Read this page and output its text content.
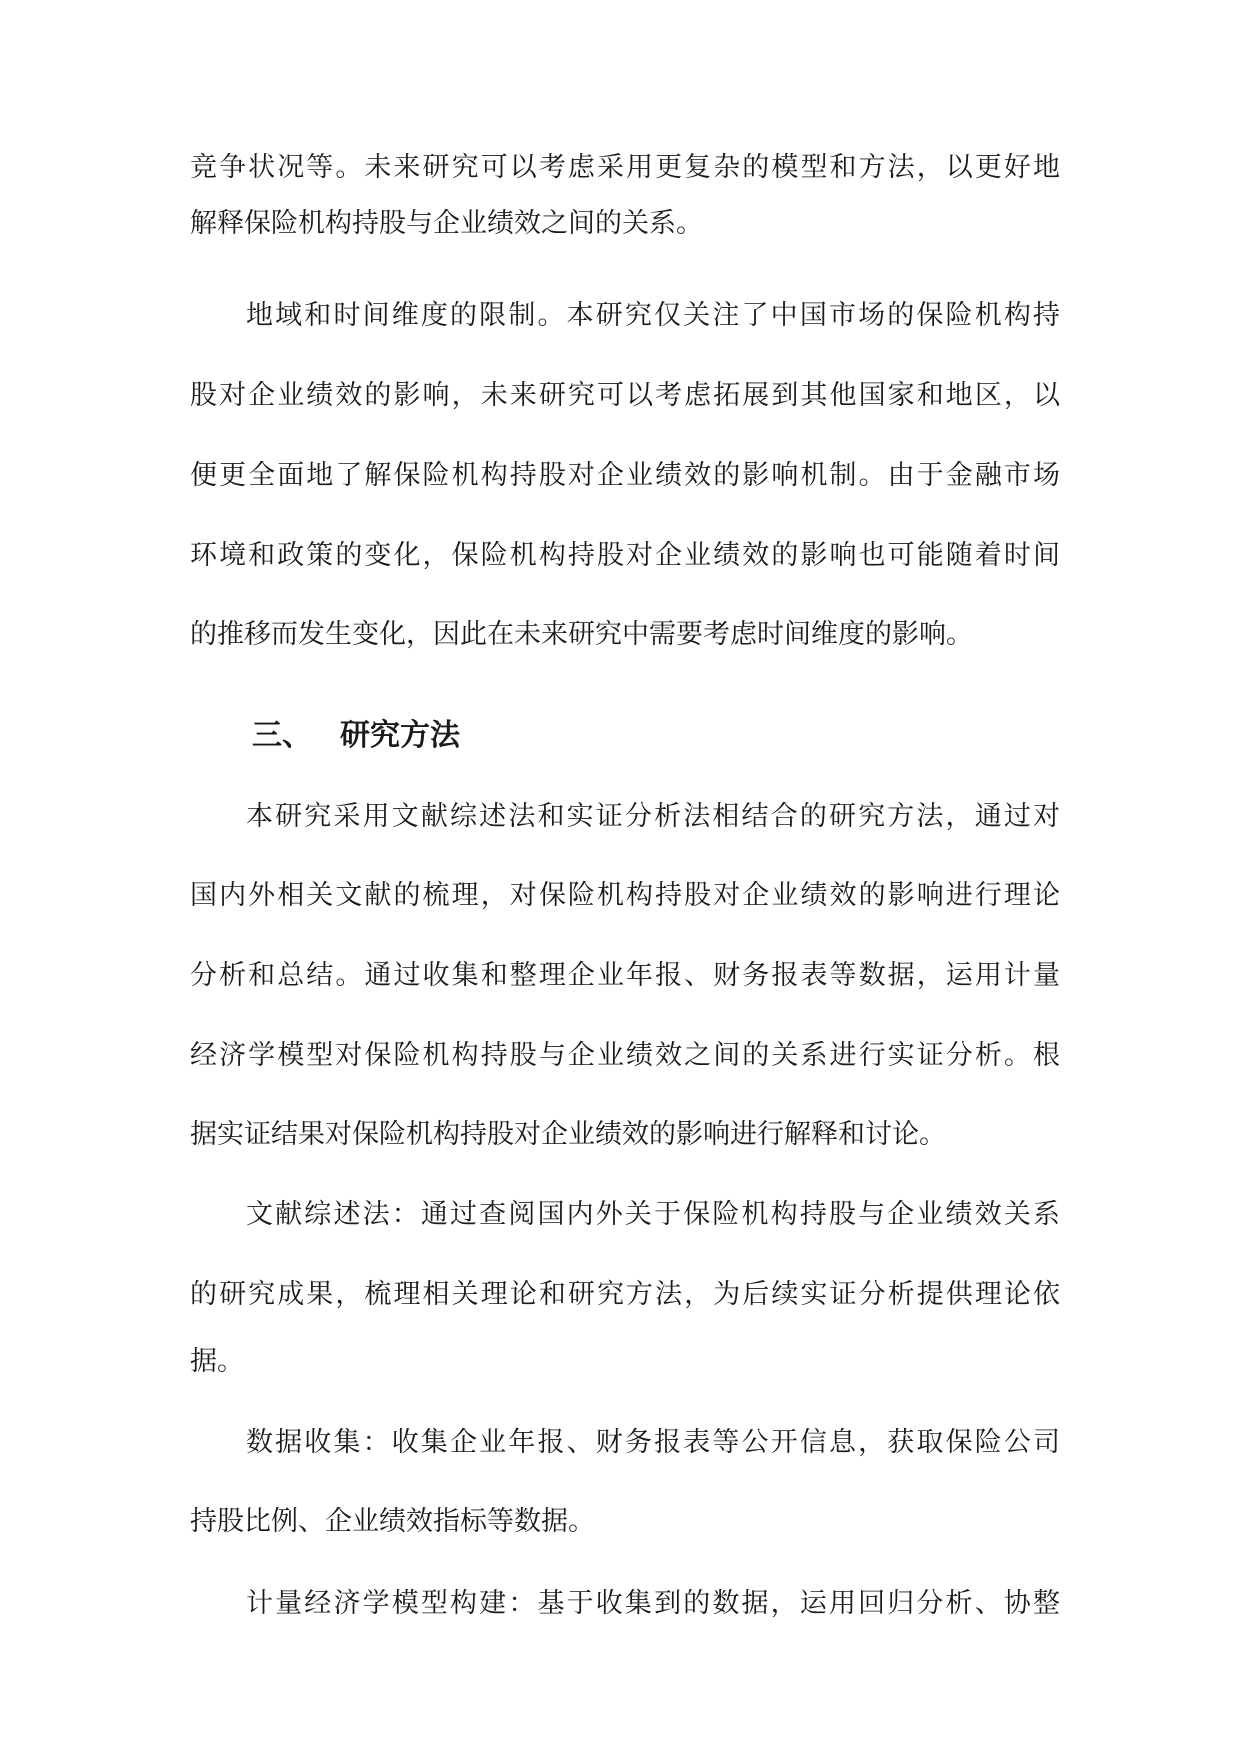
竞争状况等。未来研究可以考虑采用更复杂的模型和方法，以更好地
解释保险机构持股与企业绩效之间的关系。
地域和时间维度的限制。本研究仅关注了中国市场的保险机构持
股对企业绩效的影响，未来研究可以考虑拓展到其他国家和地区，以
便更全面地了解保险机构持股对企业绩效的影响机制。由于金融市场
环境和政策的变化，保险机构持股对企业绩效的影响也可能随着时间
的推移而发生变化，因此在未来研究中需要考虑时间维度的影响。
三、 研究方法
本研究采用文献综述法和实证分析法相结合的研究方法，通过对
国内外相关文献的梳理，对保险机构持股对企业绩效的影响进行理论
分析和总结。通过收集和整理企业年报、财务报表等数据，运用计量
经济学模型对保险机构持股与企业绩效之间的关系进行实证分析。根
据实证结果对保险机构持股对企业绩效的影响进行解释和讨论。
文献综述法：通过查阅国内外关于保险机构持股与企业绩效关系
的研究成果，梳理相关理论和研究方法，为后续实证分析提供理论依
据。
数据收集：收集企业年报、财务报表等公开信息，获取保险公司
持股比例、企业绩效指标等数据。
计量经济学模型构建：基于收集到的数据，运用回归分析、协整
